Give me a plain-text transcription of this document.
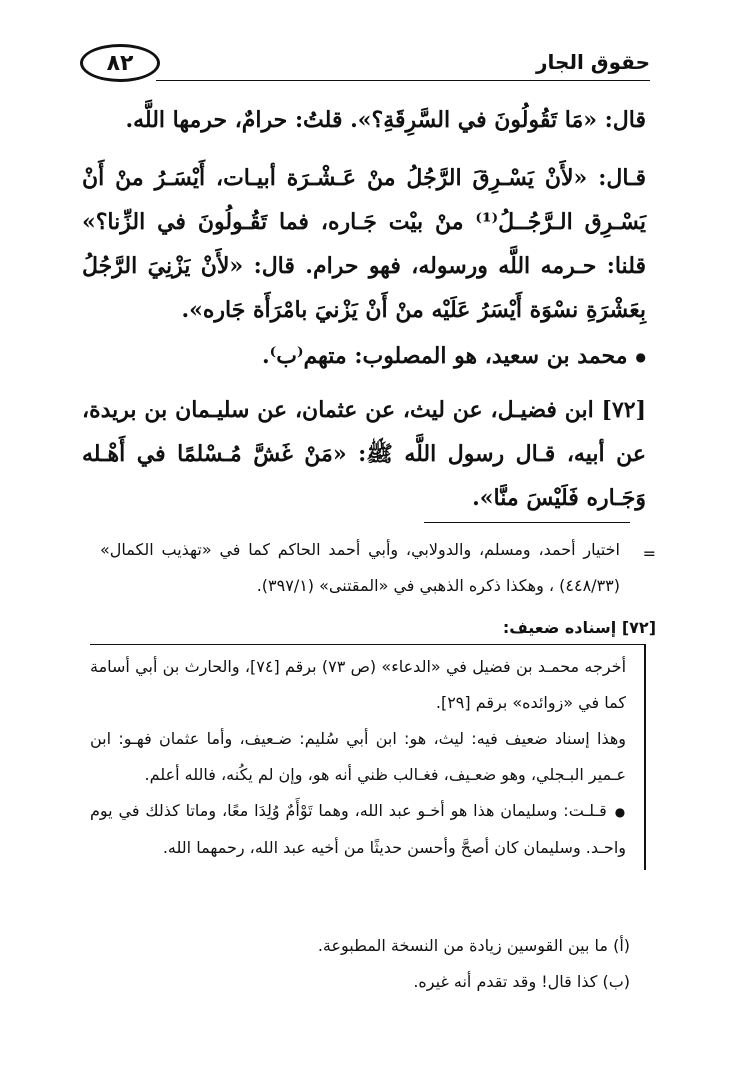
٨٢	حقوق الجار
قال: «مَا تَقُولُونَ في السَّرِقَةِ؟». قلتُ: حرامٌ، حرمها اللَّه.
قـال: «لأَنْ يَسْـرِقَ الرَّجُلُ منْ عَـشْـرَة أبيـات، أَيْسَـرُ منْ أَنْ يَسْـرِق الـرَّجُــلُ⁽¹⁾ منْ بيْت جَـاره، فما تَقُـولُونَ في الزِّنا؟» قلنا: حـرمه اللَّه ورسوله، فهو حرام. قال: «لأَنْ يَزْنِيَ الرَّجُلُ بِعَشْرَةِ نسْوَة أَيْسَرُ عَلَيْه منْ أَنْ يَزْنيَ بامْرَأَة جَاره».
● محمد بن سعيد، هو المصلوب: متهم⁽ب⁾.
[٧٢] ابن فضيـل، عن ليث، عن عثمان، عن سليـمان بن بريدة، عن أبيه، قـال رسول اللَّه ﷺ: «مَنْ غَشَّ مُـسْلمًا في أَهْـله وَجَـاره فَلَيْسَ منَّا».
=

اختيار أحمد، ومسلم، والدولابي، وأبي أحمد الحاكم كما في «تهذيب الكمال» (٤٤٨/٣٣) ، وهكذا ذكره الذهبي في «المقتنى» (٣٩٧/١).

[٧٢] إسناده ضعيف:

أخرجه محمـد بن فضيل في «الدعاء» (ص ٧٣) برقم [٧٤]، والحارث بن أبي أسامة كما في «زوائده» برقم [٢٩].

وهذا إسناد ضعيف فيه: ليث، هو: ابن أبي سُليم: ضـعيف، وأما عثمان فهـو: ابن عـمير البـجلي، وهو ضعـيف، فغـالب ظني أنه هو، وإن لم يكُنه، فالله أعلم.

● قـلـت: وسليمان هذا هو أخـو عبد الله، وهما تَوْأَمٌ وُلِدَا معًا، وماتا كذلك في يوم واحـد. وسليمان كان أصحَّ وأحسن حديثًا من أخيه عبد الله، رحمهما الله.

(أ) ما بين القوسين زيادة من النسخة المطبوعة.

(ب) كذا قال! وقد تقدم أنه غيره.
